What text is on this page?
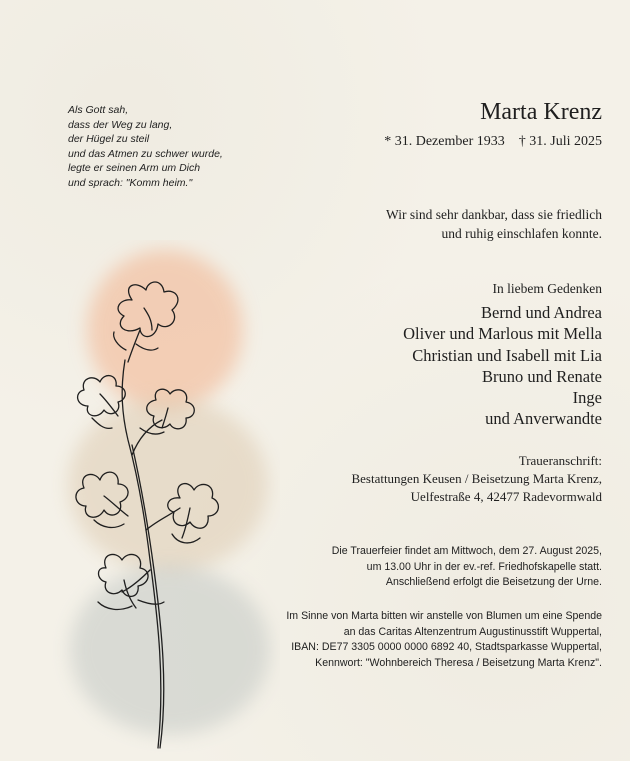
Als Gott sah,
dass der Weg zu lang,
der Hügel zu steil
und das Atmen zu schwer wurde,
legte er seinen Arm um Dich
und sprach: "Komm heim."
Marta Krenz
* 31. Dezember 1933 † 31. Juli 2025
Wir sind sehr dankbar, dass sie friedlich
und ruhig einschlafen konnte.
In liebem Gedenken
Bernd und Andrea
Oliver und Marlous mit Mella
Christian und Isabell mit Lia
Bruno und Renate
Inge
und Anverwandte
Traueranschrift:
Bestattungen Keusen / Beisetzung Marta Krenz,
Uelfestraße 4, 42477 Radevormwald
Die Trauerfeier findet am Mittwoch, dem 27. August 2025,
um 13.00 Uhr in der ev.-ref. Friedhofskapelle statt.
Anschließend erfolgt die Beisetzung der Urne.
Im Sinne von Marta bitten wir anstelle von Blumen um eine Spende
an das Caritas Altenzentrum Augustinusstift Wuppertal,
IBAN: DE77 3305 0000 0000 6892 40, Stadtsparkasse Wuppertal,
Kennwort: "Wohnbereich Theresa / Beisetzung Marta Krenz".
